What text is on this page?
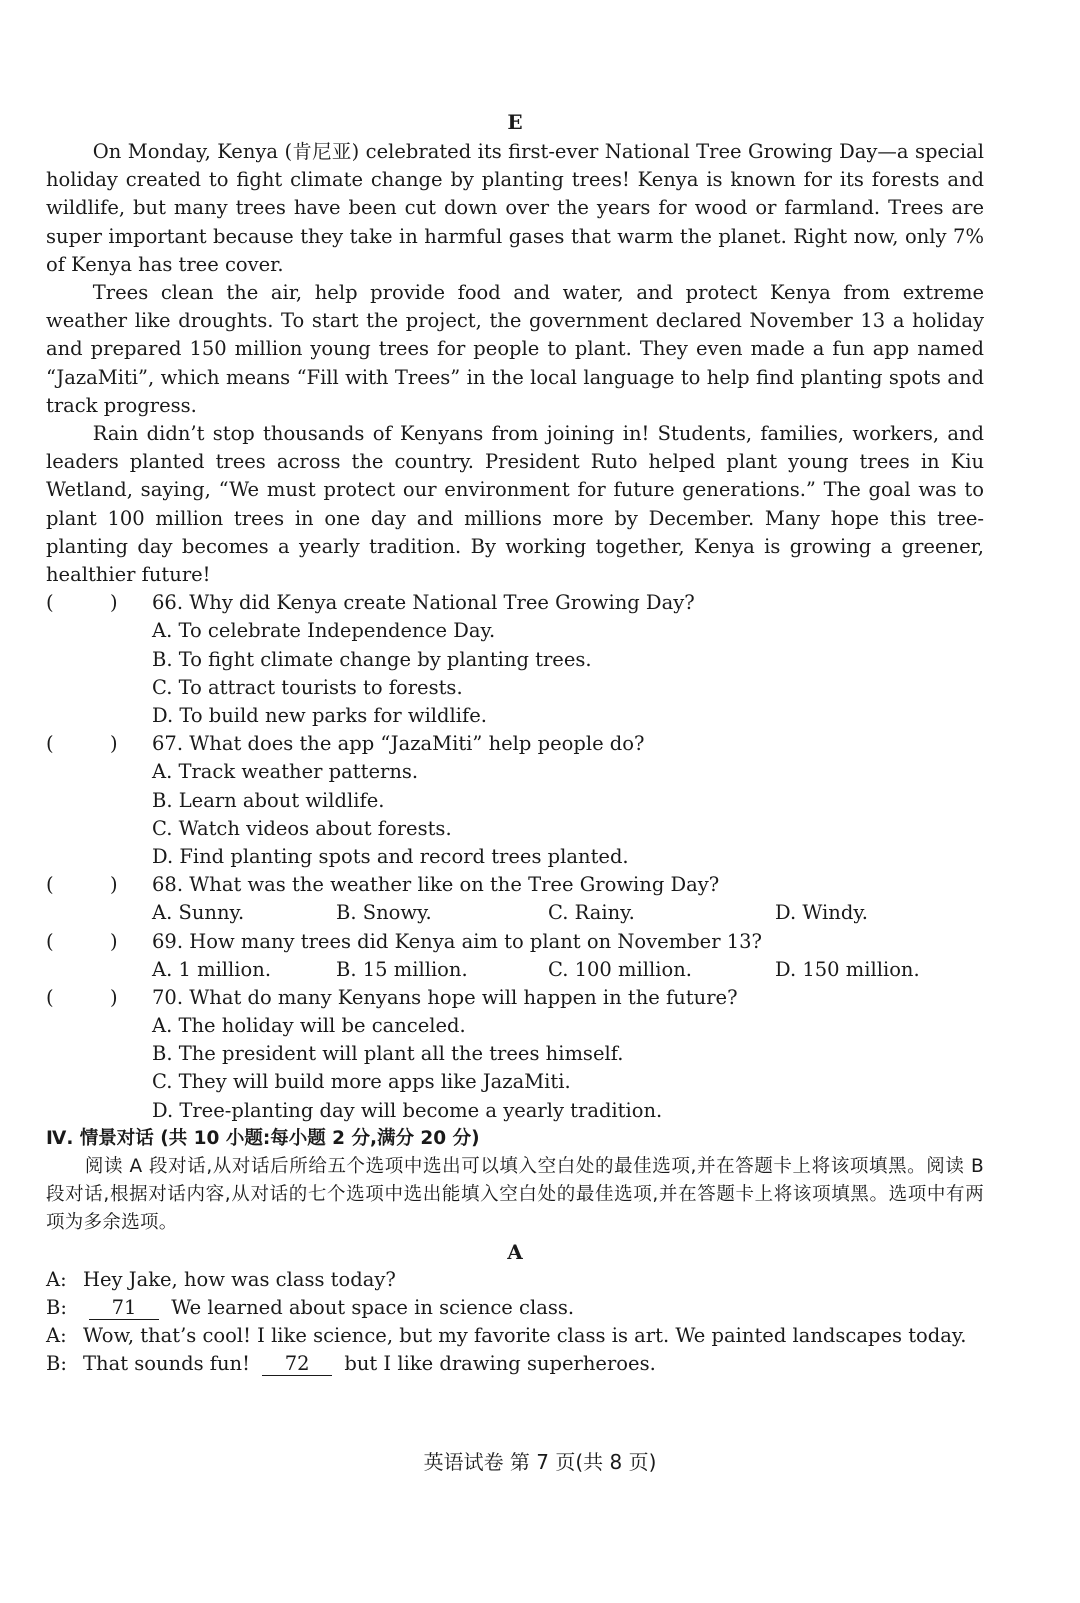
E

On Monday, Kenya (肯尼亚) celebrated its first-ever National Tree Growing Day—a special holiday created to fight climate change by planting trees! Kenya is known for its forests and wildlife, but many trees have been cut down over the years for wood or farmland. Trees are super important because they take in harmful gases that warm the planet. Right now, only 7% of Kenya has tree cover.

Trees clean the air, help provide food and water, and protect Kenya from extreme weather like droughts. To start the project, the government declared November 13 a holiday and prepared 150 million young trees for people to plant. They even made a fun app named “JazaMiti”, which means “Fill with Trees” in the local language to help find planting spots and track progress.

Rain didn’t stop thousands of Kenyans from joining in! Students, families, workers, and leaders planted trees across the country. President Ruto helped plant young trees in Kiu Wetland, saying, “We must protect our environment for future generations.” The goal was to plant 100 million trees in one day and millions more by December. Many hope this tree-planting day becomes a yearly tradition. By working together, Kenya is growing a greener, healthier future!

(	) 66. Why did Kenya create National Tree Growing Day?
A. To celebrate Independence Day.
B. To fight climate change by planting trees.
C. To attract tourists to forests.
D. To build new parks for wildlife.
(	) 67. What does the app “JazaMiti” help people do?
A. Track weather patterns.
B. Learn about wildlife.
C. Watch videos about forests.
D. Find planting spots and record trees planted.
(	) 68. What was the weather like on the Tree Growing Day?
A. Sunny.	B. Snowy.	C. Rainy.	D. Windy.
(	) 69. How many trees did Kenya aim to plant on November 13?
A. 1 million.	B. 15 million.	C. 100 million.	D. 150 million.
(	) 70. What do many Kenyans hope will happen in the future?
A. The holiday will be canceled.
B. The president will plant all the trees himself.
C. They will build more apps like JazaMiti.
D. Tree-planting day will become a yearly tradition.
Ⅳ. 情景对话 (共 10 小题:每小题 2 分,满分 20 分)

阅读 A 段对话,从对话后所给五个选项中选出可以填入空白处的最佳选项,并在答题卡上将该项填黑。阅读 B 段对话,根据对话内容,从对话的七个选项中选出能填入空白处的最佳选项,并在答题卡上将该项填黑。选项中有两项为多余选项。

A
A: Hey Jake, how was class today?
B: 71 We learned about space in science class.
A: Wow, that’s cool! I like science, but my favorite class is art. We painted landscapes today.
B: That sounds fun! 72 but I like drawing superheroes.
英语试卷 第 7 页(共 8 页)
